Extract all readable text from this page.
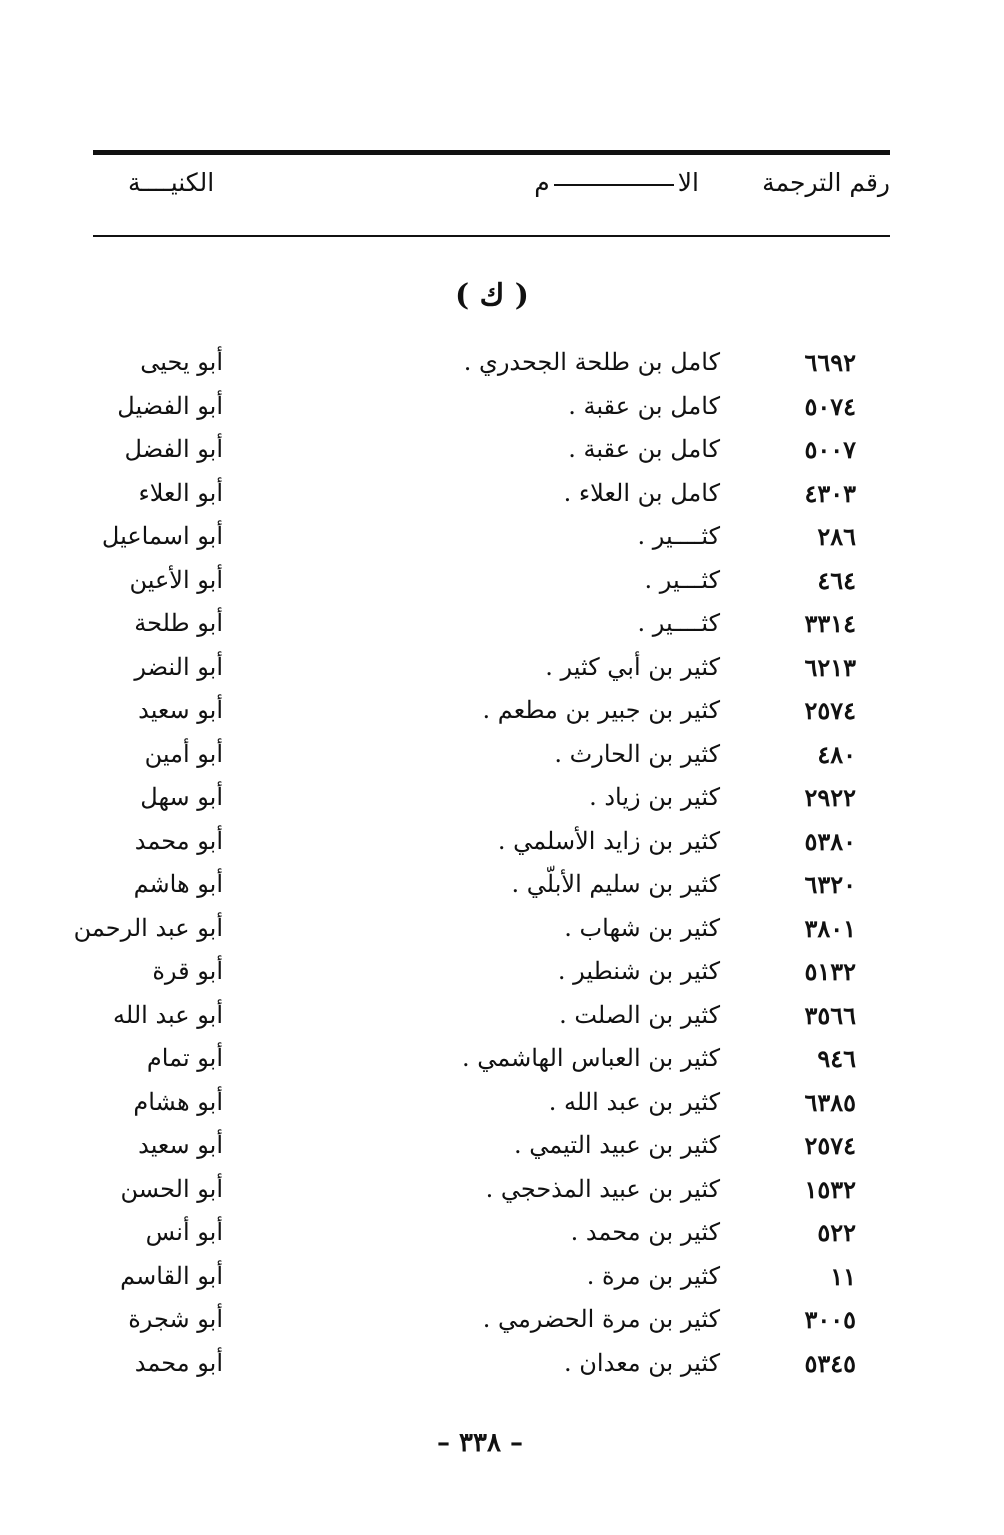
رقم الترجمة
الام
الكنيــــة
( ك )
٦٦٩٢
كامل بن طلحة الجحدري .
أبو يحيى
٥٠٧٤
كامل بن عقبة .
أبو الفضيل
٥٠٠٧
كامل بن عقبة .
أبو الفضل
٤٣٠٣
كامل بن العلاء .
أبو العلاء
٢٨٦
كثــــير .
أبو اسماعيل
٤٦٤
كثـــير .
أبو الأعين
٣٣١٤
كثــــير .
أبو طلحة
٦٢١٣
كثير بن أبي كثير .
أبو النضر
٢٥٧٤
كثير بن جبير بن مطعم .
أبو سعيد
٤٨٠
كثير بن الحارث .
أبو أمين
٢٩٢٢
كثير بن زياد .
أبو سهل
٥٣٨٠
كثير بن زايد الأسلمي .
أبو محمد
٦٣٢٠
كثير بن سليم الأبلّي .
أبو هاشم
٣٨٠١
كثير بن شهاب .
أبو عبد الرحمن
٥١٣٢
كثير بن شنطير .
أبو قرة
٣٥٦٦
كثير بن الصلت .
أبو عبد الله
٩٤٦
كثير بن العباس الهاشمي .
أبو تمام
٦٣٨٥
كثير بن عبد الله .
أبو هشام
٢٥٧٤
كثير بن عبيد التيمي .
أبو سعيد
١٥٣٢
كثير بن عبيد المذحجي .
أبو الحسن
٥٢٢
كثير بن محمد .
أبو أنس
١١
كثير بن مرة .
أبو القاسم
٣٠٠٥
كثير بن مرة الحضرمي .
أبو شجرة
٥٣٤٥
كثير بن معدان .
أبو محمد
– ٣٣٨ –
